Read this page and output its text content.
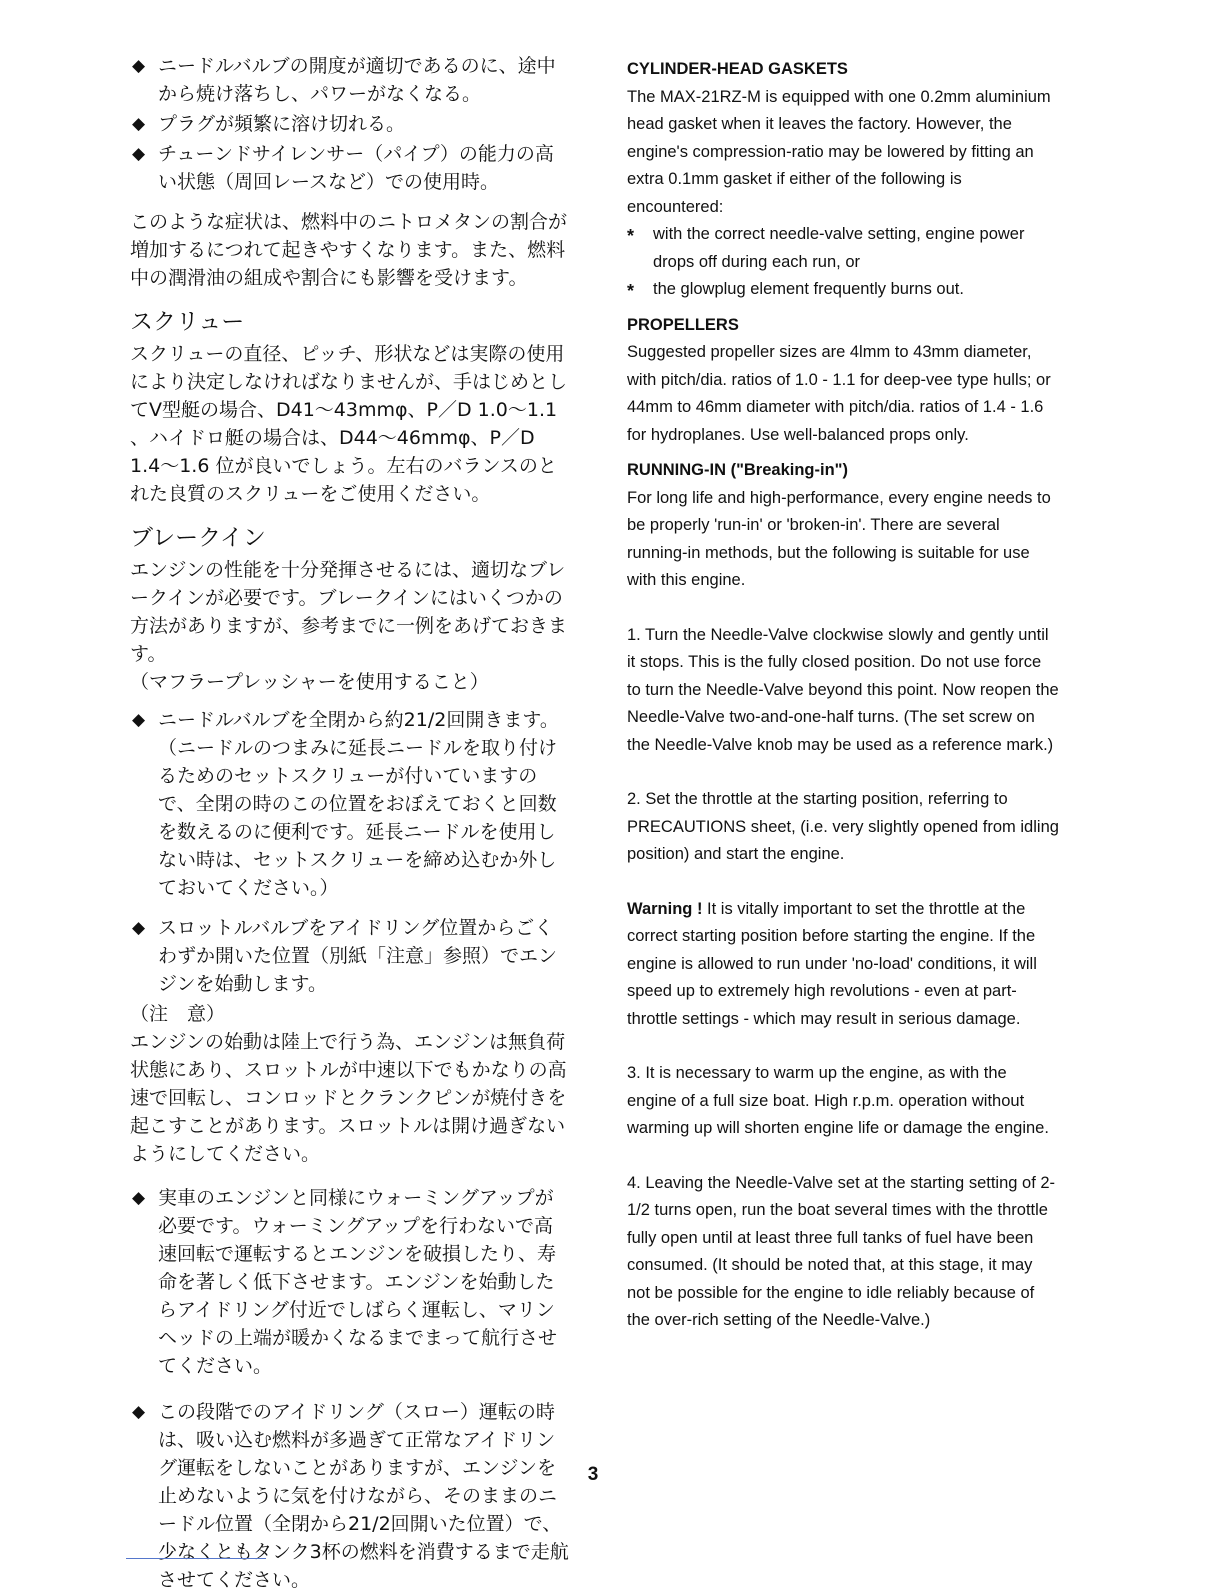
◆ ニードルバルブの開度が適切であるのに、途中から焼け落ちし、パワーがなくなる。
◆ プラグが頻繁に溶け切れる。
◆ チューンドサイレンサー（パイプ）の能力の高い状態（周回レースなど）での使用時。

このような症状は、燃料中のニトロメタンの割合が増加するにつれて起きやすくなります。また、燃料中の潤滑油の組成や割合にも影響を受けます。

スクリュー

スクリューの直径、ピッチ、形状などは実際の使用により決定しなければなりませんが、手はじめとしてV型艇の場合、D41〜43mmφ、P／D 1.0〜1.1 、ハイドロ艇の場合は、D44〜46mmφ、P／D 1.4〜1.6 位が良いでしょう。左右のバランスのとれた良質のスクリューをご使用ください。

ブレークイン

エンジンの性能を十分発揮させるには、適切なブレークインが必要です。ブレークインにはいくつかの方法がありますが、参考までに一例をあげておきます。

（マフラープレッシャーを使用すること）

◆ ニードルバルブを全閉から約21/2回開きます。（ニードルのつまみに延長ニードルを取り付けるためのセットスクリューが付いていますので、全閉の時のこの位置をおぼえておくと回数を数えるのに便利です。延長ニードルを使用しない時は、セットスクリューを締め込むか外しておいてください。）
◆ スロットルバルブをアイドリング位置からごくわずか開いた位置（別紙「注意」参照）でエンジンを始動します。

（注　意）

エンジンの始動は陸上で行う為、エンジンは無負荷状態にあり、スロットルが中速以下でもかなりの高速で回転し、コンロッドとクランクピンが焼付きを起こすことがあります。スロットルは開け過ぎないようにしてください。

◆ 実車のエンジンと同様にウォーミングアップが必要です。ウォーミングアップを行わないで高速回転で運転するとエンジンを破損したり、寿命を著しく低下させます。エンジンを始動したらアイドリング付近でしばらく運転し、マリンヘッドの上端が暖かくなるまでまって航行させてください。
◆ この段階でのアイドリング（スロー）運転の時は、吸い込む燃料が多過ぎて正常なアイドリング運転をしないことがありますが、エンジンを止めないように気を付けながら、そのままのニードル位置（全閉から21/2回開いた位置）で、少なくともタンク3杯の燃料を消費するまで走航させてください。

CYLINDER-HEAD GASKETS

The MAX-21RZ-M is equipped with one 0.2mm aluminium head gasket when it leaves the factory. However, the engine's compression-ratio may be lowered by fitting an extra 0.1mm gasket if either of the following is encountered:

* with the correct needle-valve setting, engine power drops off during each run, or
* the glowplug element frequently burns out.

PROPELLERS

Suggested propeller sizes are 4lmm to 43mm diameter, with pitch/dia. ratios of 1.0 - 1.1 for deep-vee type hulls; or 44mm to 46mm diameter with pitch/dia. ratios of 1.4 - 1.6 for hydroplanes. Use well-balanced props only.

RUNNING-IN ("Breaking-in")

For long life and high-performance, every engine needs to be properly 'run-in' or 'broken-in'. There are several running-in methods, but the following is suitable for use with this engine.

1. Turn the Needle-Valve clockwise slowly and gently until it stops. This is the fully closed position. Do not use force to turn the Needle-Valve beyond this point. Now reopen the Needle-Valve two-and-one-half turns. (The set screw on the Needle-Valve knob may be used as a reference mark.)

2. Set the throttle at the starting position, referring to PRECAUTIONS sheet, (i.e. very slightly opened from idling position) and start the engine.

Warning ! It is vitally important to set the throttle at the correct starting position before starting the engine. If the engine is allowed to run under 'no-load' conditions, it will speed up to extremely high revolutions - even at part-throttle settings - which may result in serious damage.

3. It is necessary to warm up the engine, as with the engine of a full size boat. High r.p.m. operation without warming up will shorten engine life or damage the engine.

4. Leaving the Needle-Valve set at the starting setting of 2-1/2 turns open, run the boat several times with the throttle fully open until at least three full tanks of fuel have been consumed. (It should be noted that, at this stage, it may not be possible for the engine to idle reliably because of the over-rich setting of the Needle-Valve.)

3
